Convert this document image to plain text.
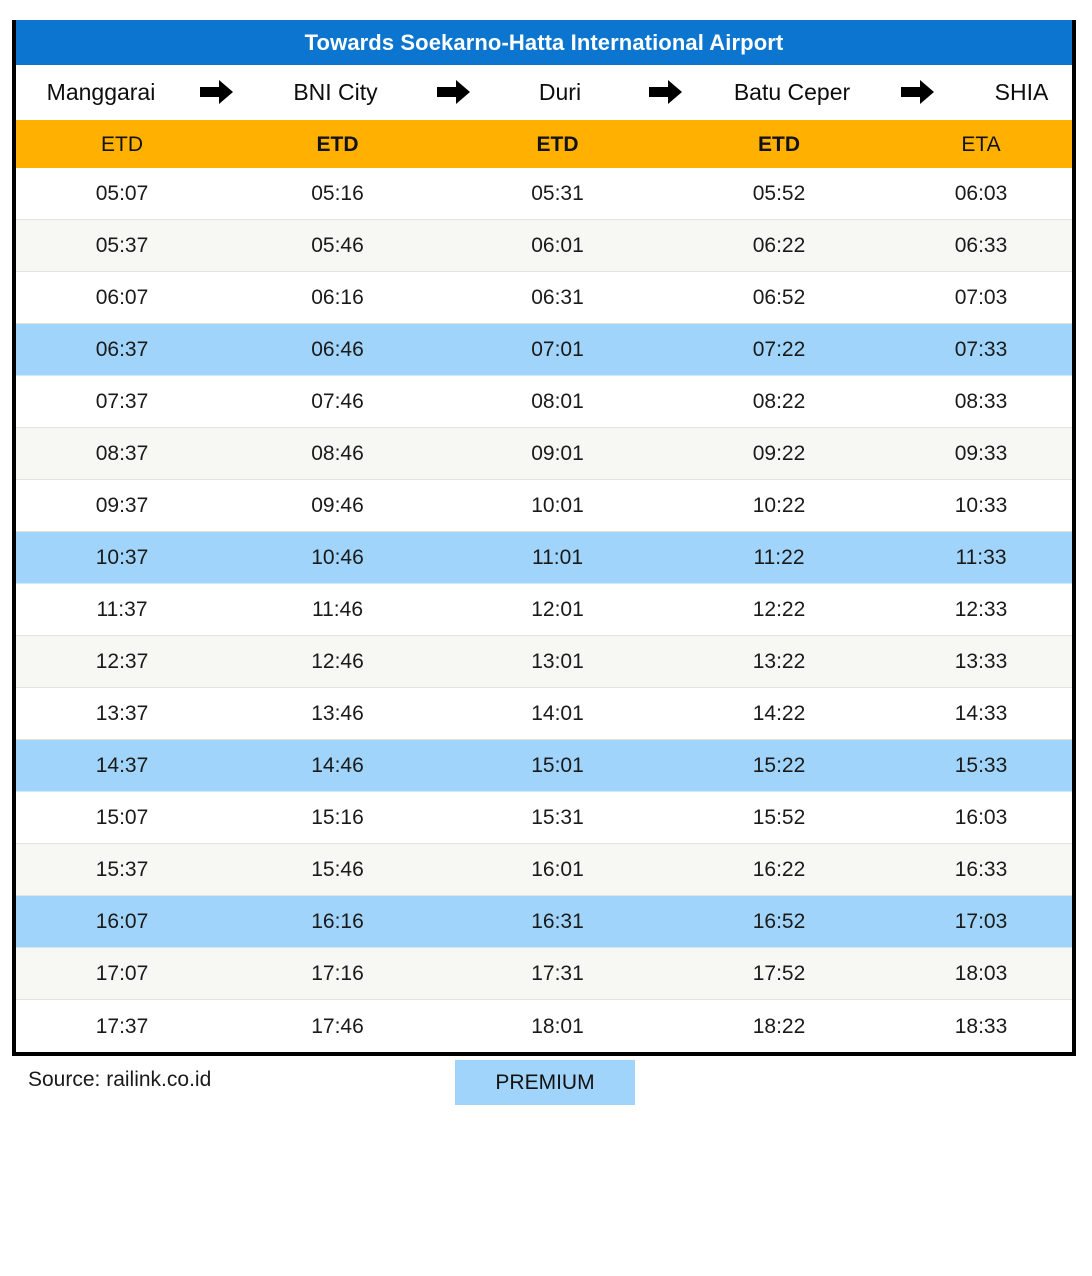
Towards Soekarno-Hatta International Airport
Manggarai	BNI City	Duri	Batu Ceper	SHIA
ETD	ETD	ETD	ETD	ETA
05:07	05:16	05:31	05:52	06:03
05:37	05:46	06:01	06:22	06:33
06:07	06:16	06:31	06:52	07:03
06:37	06:46	07:01	07:22	07:33
07:37	07:46	08:01	08:22	08:33
08:37	08:46	09:01	09:22	09:33
09:37	09:46	10:01	10:22	10:33
10:37	10:46	11:01	11:22	11:33
11:37	11:46	12:01	12:22	12:33
12:37	12:46	13:01	13:22	13:33
13:37	13:46	14:01	14:22	14:33
14:37	14:46	15:01	15:22	15:33
15:07	15:16	15:31	15:52	16:03
15:37	15:46	16:01	16:22	16:33
16:07	16:16	16:31	16:52	17:03
17:07	17:16	17:31	17:52	18:03
17:37	17:46	18:01	18:22	18:33
Source: railink.co.id	PREMIUM
